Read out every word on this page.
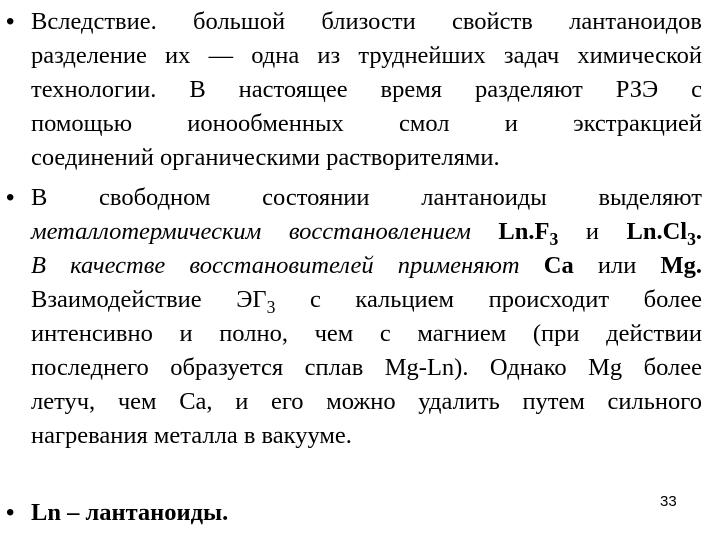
• Вследствие. большой близости свойств лантаноидов
разделение их — одна из труднейших задач химической
технологии. В настоящее время разделяют РЗЭ с
помощью ионообменных смол и экстракцией
соединений органическими растворителями.
• В свободном состоянии лантаноиды выделяют
металлотермическим восстановлением $Ln.F_3$ и $Ln.Cl_3$.
В качестве восстановителей применяют Ca или Mg.
Взаимодействие $ЭГ_3$ с кальцием происходит более
интенсивно и полно, чем с магнием (при действии
последнего образуется сплав Mg-Ln). Однако Mg более
летуч, чем Са, и его можно удалить путем сильного
нагревания металла в вакууме.
• Ln – лантаноиды.	33
